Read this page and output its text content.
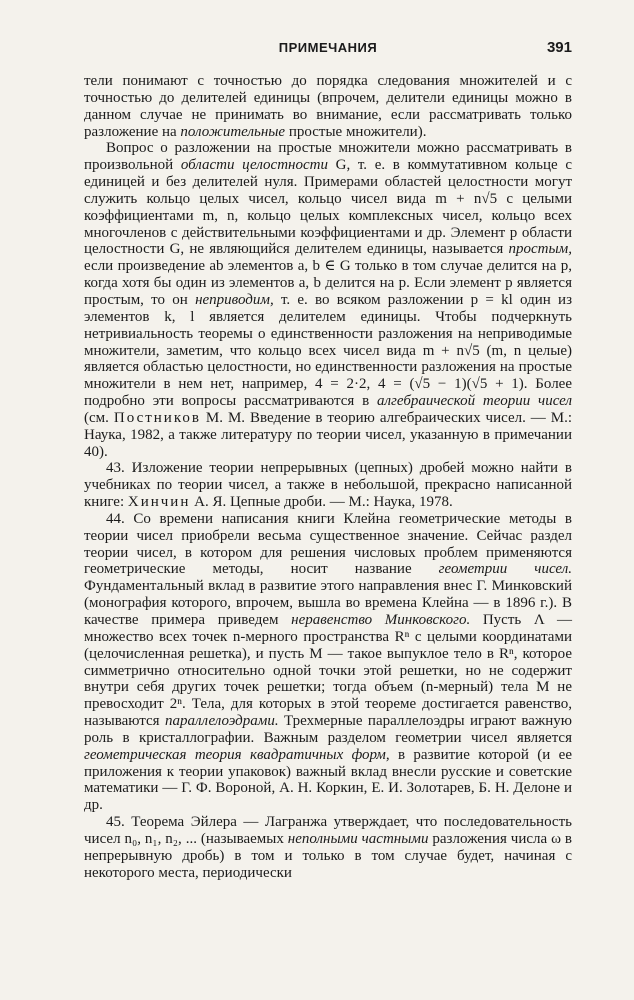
ПРИМЕЧАНИЯ	391

тели понимают с точностью до порядка следования множителей и с точностью до делителей единицы (впрочем, делители единицы можно в данном случае не принимать во внимание, если рассматривать только разложение на положительные простые множители).

Вопрос о разложении на простые множители можно рассматривать в произвольной области целостности G, т. е. в коммутативном кольце с единицей и без делителей нуля. Примерами областей целостности могут служить кольцо целых чисел, кольцо чисел вида m + n√5 с целыми коэффициентами m, n, кольцо целых комплексных чисел, кольцо всех многочленов с действительными коэффициентами и др. Элемент p области целостности G, не являющийся делителем единицы, называется простым, если произведение ab элементов a, b ∈ G только в том случае делится на p, когда хотя бы один из элементов a, b делится на p. Если элемент p является простым, то он неприводим, т. е. во всяком разложении p = kl один из элементов k, l является делителем единицы. Чтобы подчеркнуть нетривиальность теоремы о единственности разложения на неприводимые множители, заметим, что кольцо всех чисел вида m + n√5 (m, n целые) является областью целостности, но единственности разложения на простые множители в нем нет, например, 4 = 2·2, 4 = (√5 − 1)(√5 + 1). Более подробно эти вопросы рассматриваются в алгебраической теории чисел (см. Постников М. М. Введение в теорию алгебраических чисел. — М.: Наука, 1982, а также литературу по теории чисел, указанную в примечании 40).

43. Изложение теории непрерывных (цепных) дробей можно найти в учебниках по теории чисел, а также в небольшой, прекрасно написанной книге: Хинчин А. Я. Цепные дроби. — М.: Наука, 1978.

44. Со времени написания книги Клейна геометрические методы в теории чисел приобрели весьма существенное значение. Сейчас раздел теории чисел, в котором для решения числовых проблем применяются геометрические методы, носит название геометрии чисел. Фундаментальный вклад в развитие этого направления внес Г. Минковский (монография которого, впрочем, вышла во времена Клейна — в 1896 г.). В качестве примера приведем неравенство Минковского. Пусть Λ — множество всех точек n-мерного пространства Rⁿ с целыми координатами (целочисленная решетка), и пусть M — такое выпуклое тело в Rⁿ, которое симметрично относительно одной точки этой решетки, но не содержит внутри себя других точек решетки; тогда объем (n-мерный) тела M не превосходит 2ⁿ. Тела, для которых в этой теореме достигается равенство, называются параллелоэдрами. Трехмерные параллелоэдры играют важную роль в кристаллографии. Важным разделом геометрии чисел является геометрическая теория квадратичных форм, в развитие которой (и ее приложения к теории упаковок) важный вклад внесли русские и советские математики — Г. Ф. Вороной, А. Н. Коркин, Е. И. Золотарев, Б. Н. Делоне и др.

45. Теорема Эйлера — Лагранжа утверждает, что последовательность чисел n₀, n₁, n₂, ... (называемых неполными частными разложения числа ω в непрерывную дробь) в том и только в том случае будет, начиная с некоторого места, периодически
